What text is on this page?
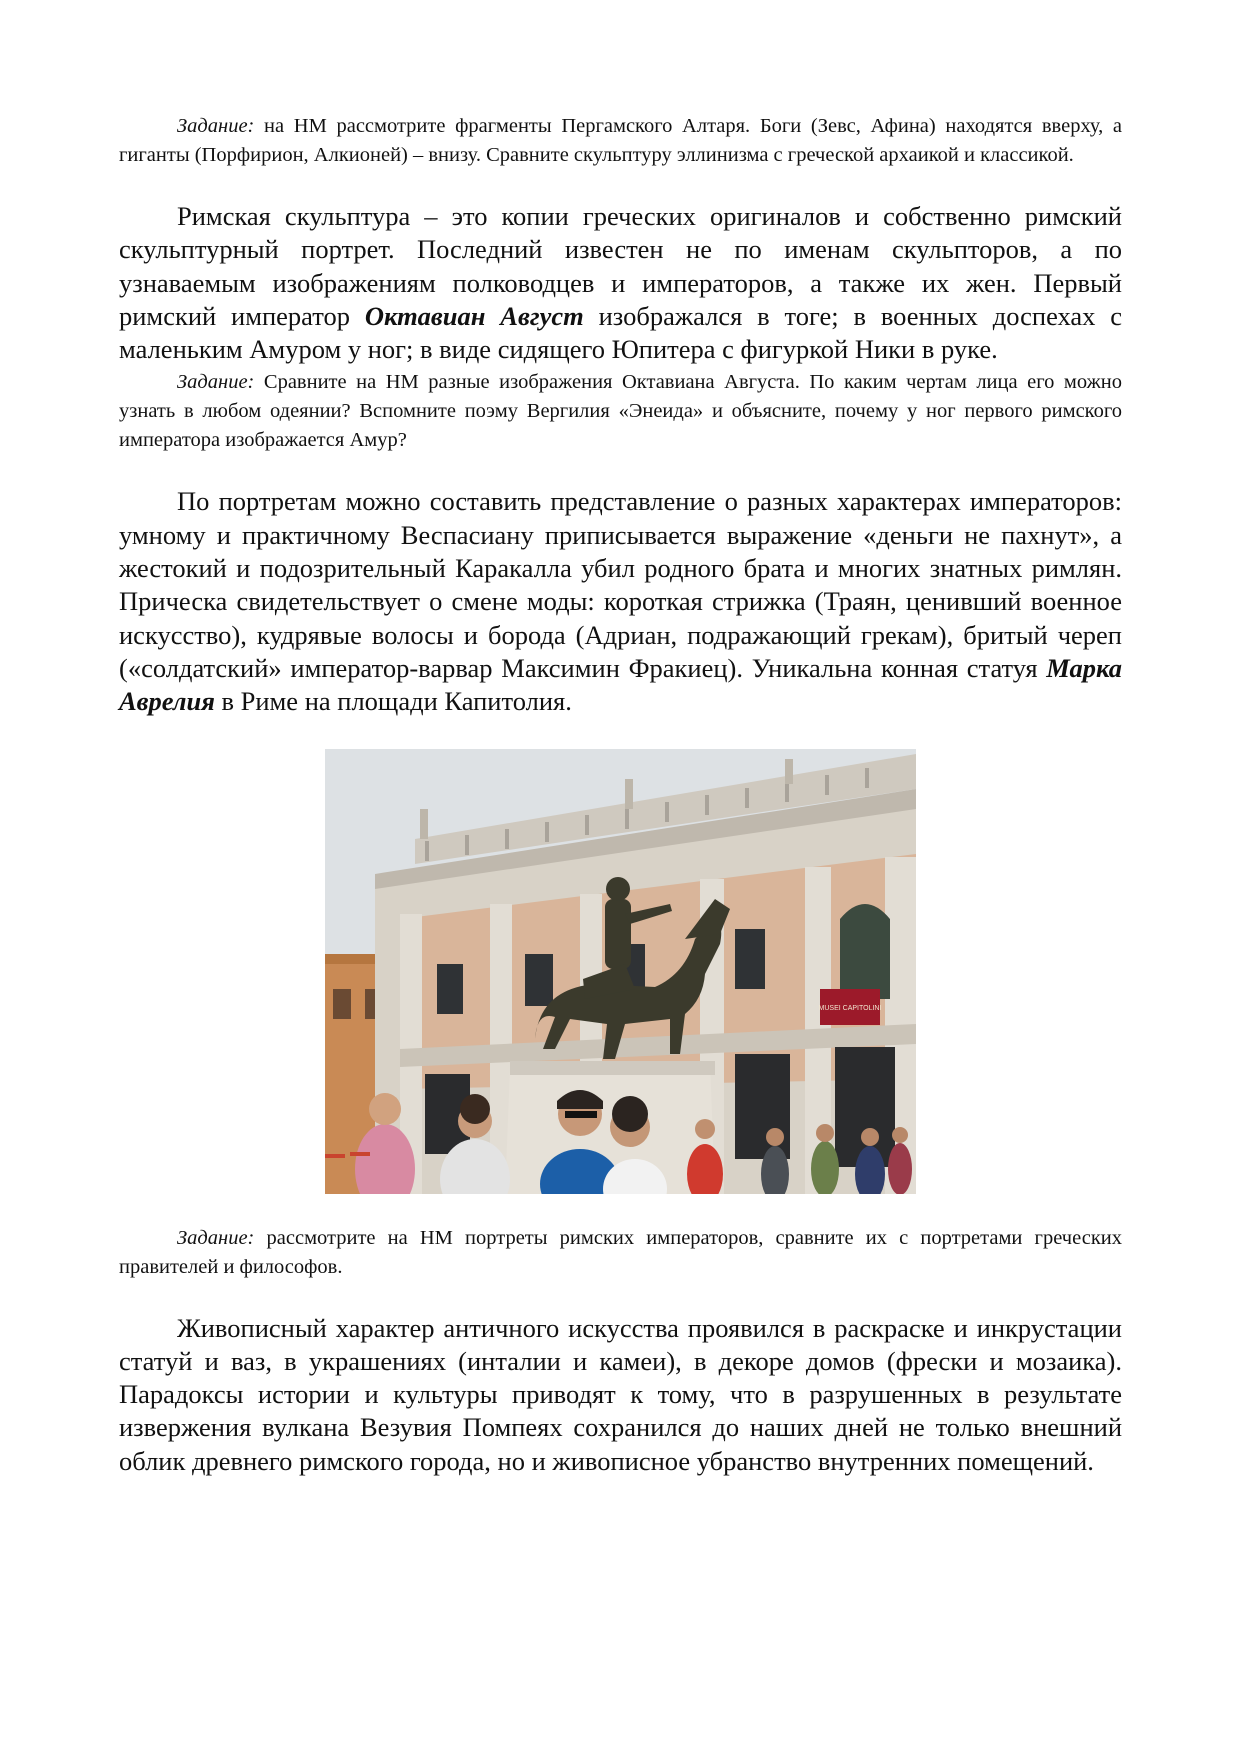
Задание: на НМ рассмотрите фрагменты Пергамского Алтаря. Боги (Зевс, Афина) находятся вверху, а гиганты (Порфирион, Алкионей) – внизу. Сравните скульптуру эллинизма с греческой архаикой и классикой.

Римская скульптура – это копии греческих оригиналов и собственно римский скульптурный портрет. Последний известен не по именам скульпторов, а по узнаваемым изображениям полководцев и императоров, а также их жен. Первый римский император Октавиан Август изображался в тоге; в военных доспехах с маленьким Амуром у ног; в виде сидящего Юпитера с фигуркой Ники в руке.

Задание: Сравните на НМ разные изображения Октавиана Августа. По каким чертам лица его можно узнать в любом одеянии? Вспомните поэму Вергилия «Энеида» и объясните, почему у ног первого римского императора изображается Амур?

По портретам можно составить представление о разных характерах императоров: умному и практичному Веспасиану приписывается выражение «деньги не пахнут», а жестокий и подозрительный Каракалла убил родного брата и многих знатных римлян. Прическа свидетельствует о смене моды: короткая стрижка (Траян, ценивший военное искусство), кудрявые волосы и борода (Адриан, подражающий грекам), бритый череп («солдатский» император-варвар Максимин Фракиец). Уникальна конная статуя Марка Аврелия в Риме на площади Капитолия.

MUSEI CAPITOLINI

Задание: рассмотрите на НМ портреты римских императоров, сравните их с портретами греческих правителей и философов.

Живописный характер античного искусства проявился в раскраске и инкрустации статуй и ваз, в украшениях (инталии и камеи), в декоре домов (фрески и мозаика). Парадоксы истории и культуры приводят к тому, что в разрушенных в результате извержения вулкана Везувия Помпеях сохранился до наших дней не только внешний облик древнего римского города, но и живописное убранство внутренних помещений.
